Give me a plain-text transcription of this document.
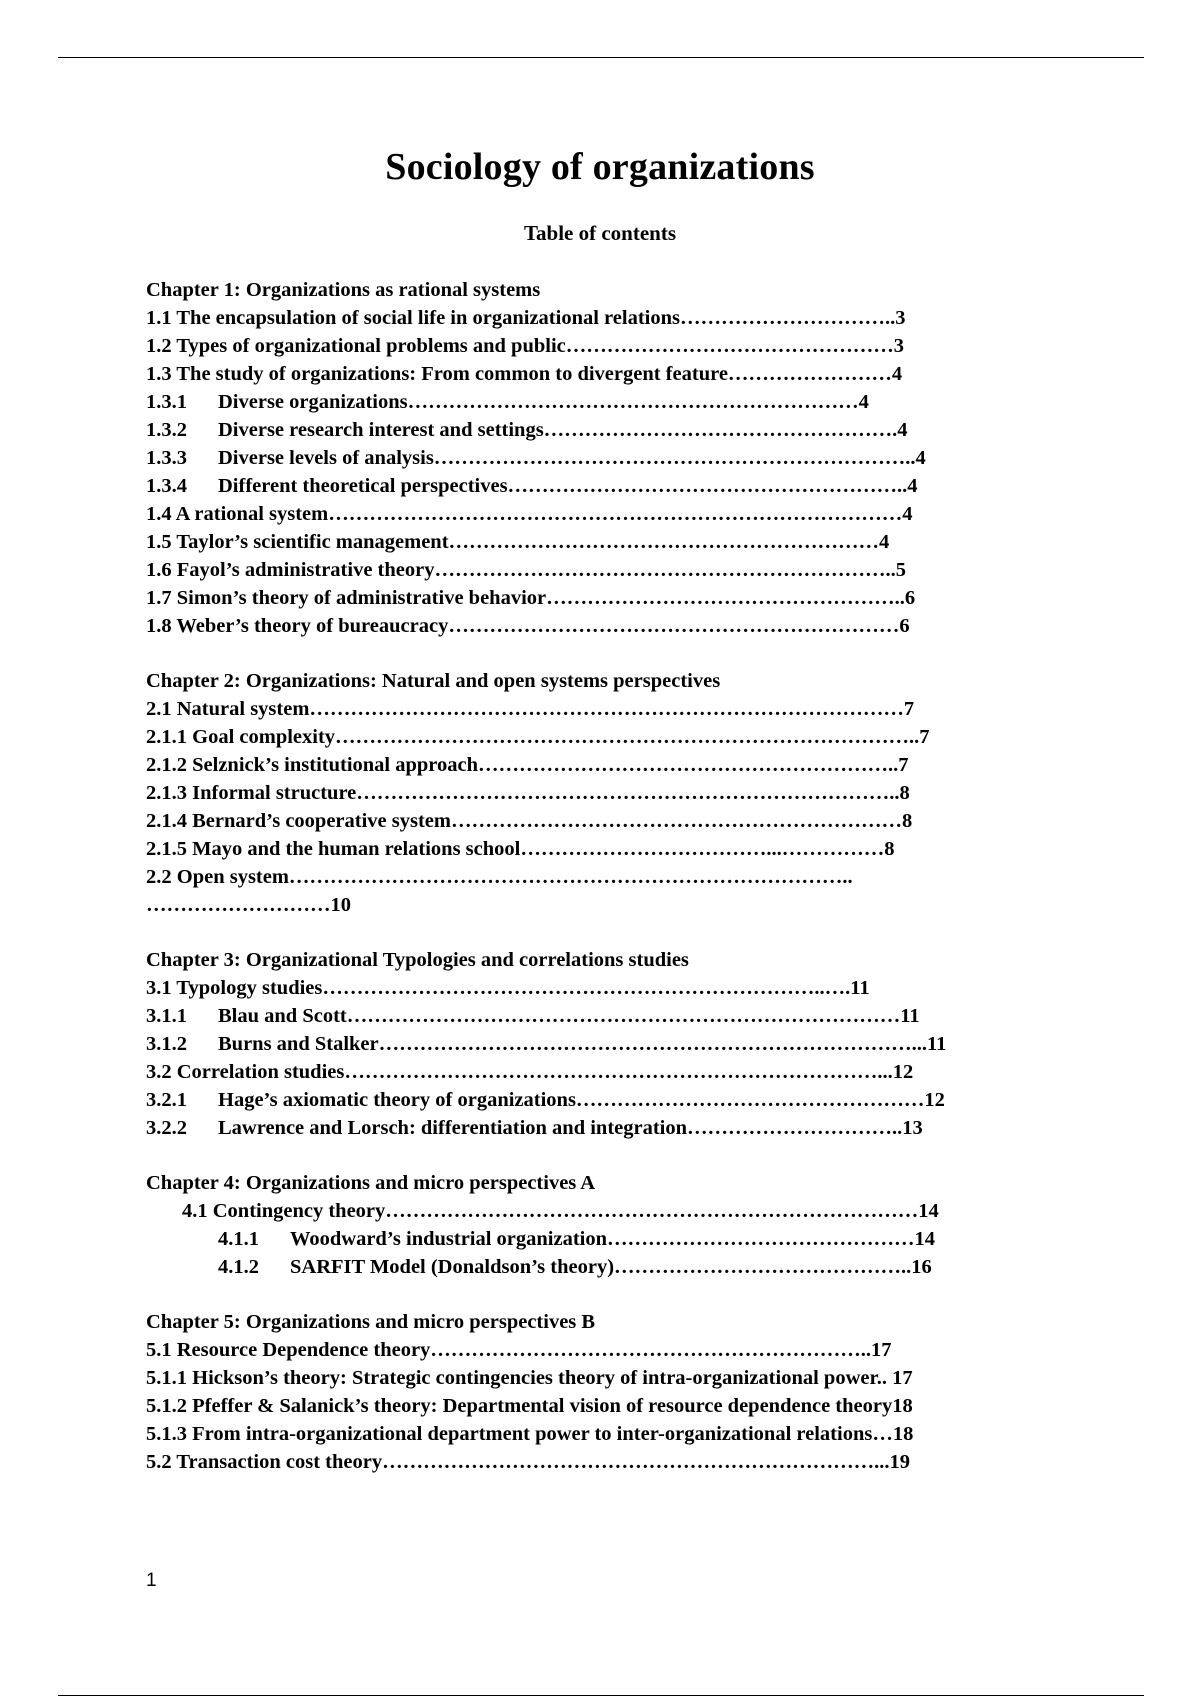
Sociology of organizations
Table of contents
Chapter 1: Organizations as rational systems
1.1 The encapsulation of social life in organizational relations…………………………..3
1.2 Types of organizational problems and public…………………………………………3
1.3 The study of organizations: From common to divergent feature……………………4
1.3.1 Diverse organizations…………………………………………………………4
1.3.2 Diverse research interest and settings…………………………………………….4
1.3.3 Diverse levels of analysis……………………………………………………………..4
1.3.4 Different theoretical perspectives…………………………………………………..4
1.4 A rational system…………………………………………………………………………4
1.5 Taylor’s scientific management………………………………………………………4
1.6 Fayol’s administrative theory…………………………………………………………..5
1.7 Simon’s theory of administrative behavior……………………………………………..6
1.8 Weber’s theory of bureaucracy…………………………………………………………6
Chapter 2: Organizations: Natural and open systems perspectives
2.1 Natural system……………………………………………………………………………7
2.1.1 Goal complexity…………………………………………………………………………..7
2.1.2 Selznick’s institutional approach……………………………………………………..7
2.1.3 Informal structure……………………………………………………………………..8
2.1.4 Bernard’s cooperative system…………………………………………………………8
2.1.5 Mayo and the human relations school………………………………...……………8
2.2 Open system………………………………………………………………………..
………………………10
Chapter 3: Organizational Typologies and correlations studies
3.1 Typology studies………………………………………………………………..….11
3.1.1 Blau and Scott………………………………………………………………………11
3.1.2 Burns and Stalker……………………………………………………………………...11
3.2 Correlation studies……………………………………………………………………...12
3.2.1 Hage’s axiomatic theory of organizations……………………………………………12
3.2.2 Lawrence and Lorsch: differentiation and integration…………………………..13
Chapter 4: Organizations and micro perspectives A
4.1 Contingency theory……………………………………………………………………14
4.1.1 Woodward’s industrial organization………………………………………14
4.1.2 SARFIT Model (Donaldson’s theory)……………………………………..16
Chapter 5: Organizations and micro perspectives B
5.1 Resource Dependence theory………………………………………………………..17
5.1.1 Hickson’s theory: Strategic contingencies theory of intra-organizational power.. 17
5.1.2 Pfeffer & Salanick’s theory: Departmental vision of resource dependence theory18
5.1.3 From intra-organizational department power to inter-organizational relations…18
5.2 Transaction cost theory………………………………………………………………...19
1
